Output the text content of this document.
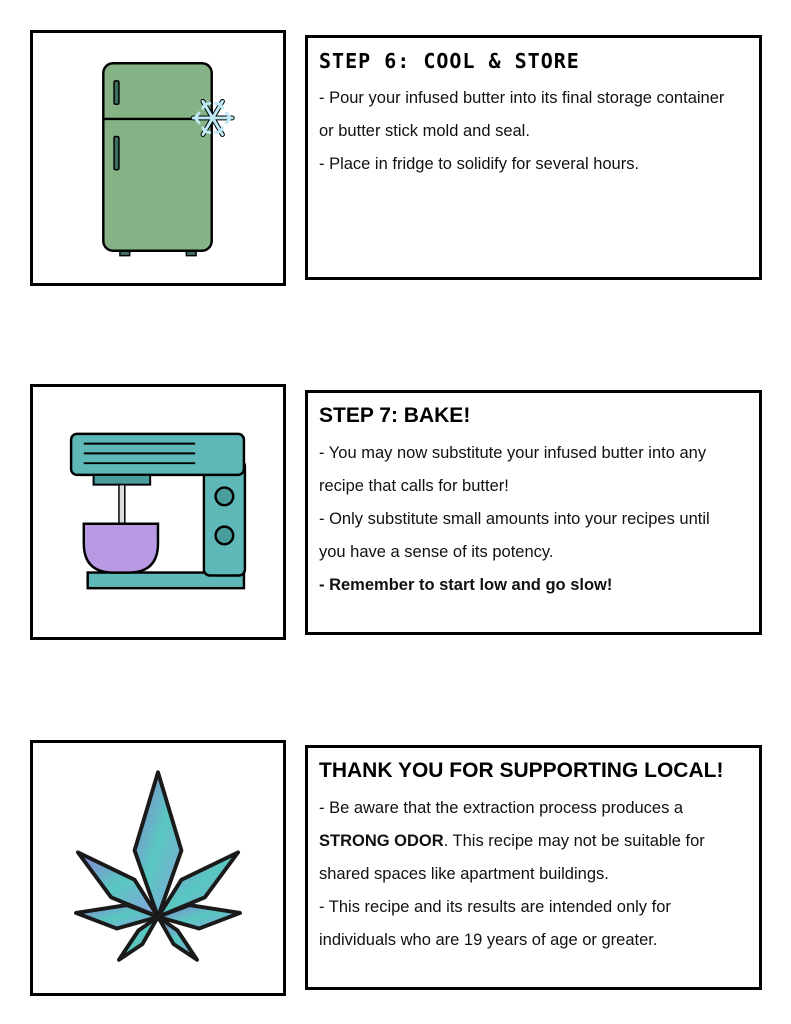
STEP 6: COOL & STORE

- Pour your infused butter into its final storage container

or butter stick mold and seal.

- Place in fridge to solidify for several hours.

STEP 7: BAKE!

- You may now substitute your infused butter into any

recipe that calls for butter!

- Only substitute small amounts into your recipes until

you have a sense of its potency.

- Remember to start low and go slow!

THANK YOU FOR SUPPORTING LOCAL!

- Be aware that the extraction process produces a

STRONG ODOR. This recipe may not be suitable for

shared spaces like apartment buildings.

- This recipe and its results are intended only for

individuals who are 19 years of age or greater.
